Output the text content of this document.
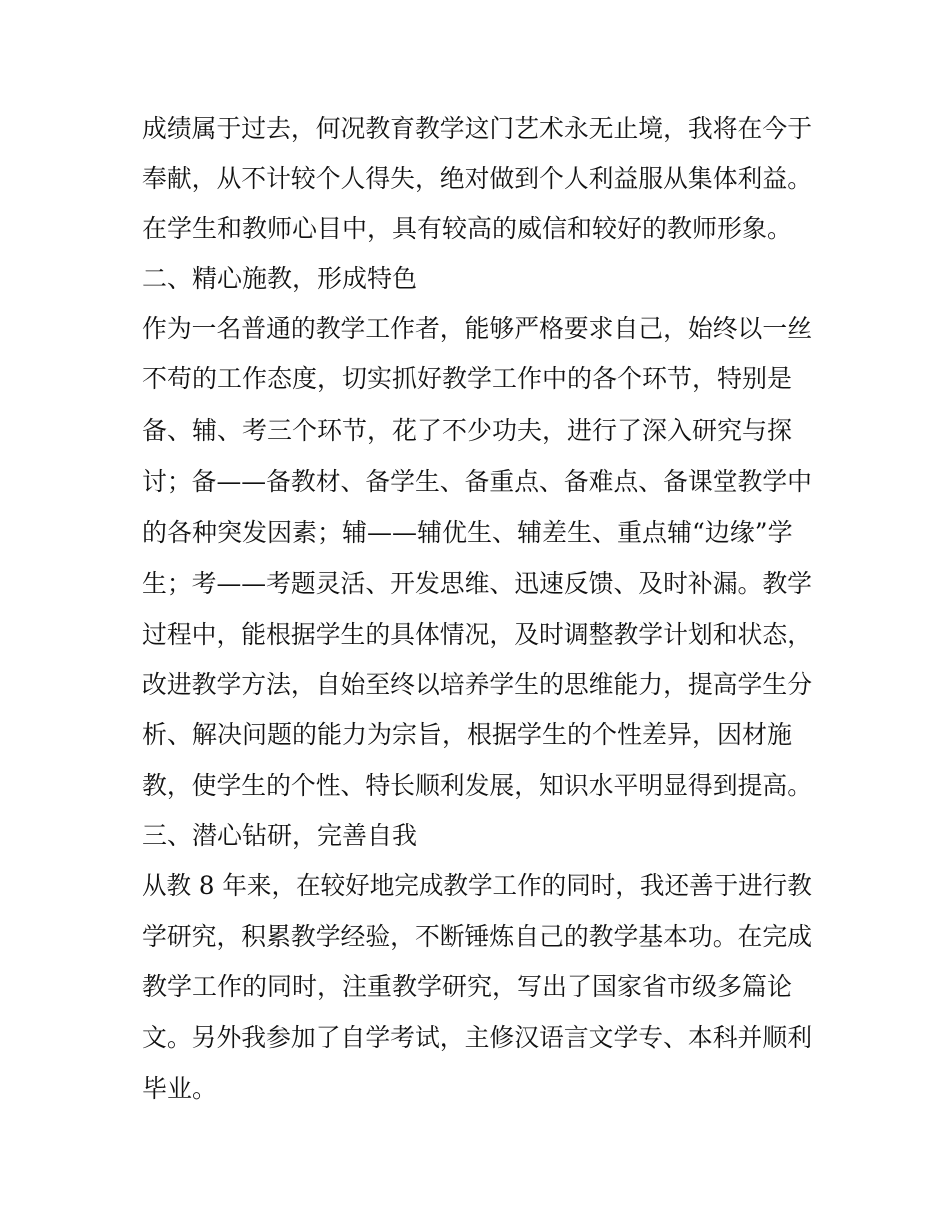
成绩属于过去，何况教育教学这门艺术永无止境，我将在今于
奉献，从不计较个人得失，绝对做到个人利益服从集体利益。
在学生和教师心目中，具有较高的威信和较好的教师形象。
二、精心施教，形成特色
作为一名普通的教学工作者，能够严格要求自己，始终以一丝
不苟的工作态度，切实抓好教学工作中的各个环节，特别是
备、辅、考三个环节，花了不少功夫，进行了深入研究与探
讨；备——备教材、备学生、备重点、备难点、备课堂教学中
的各种突发因素；辅——辅优生、辅差生、重点辅“边缘”学
生；考——考题灵活、开发思维、迅速反馈、及时补漏。教学
过程中，能根据学生的具体情况，及时调整教学计划和状态，
改进教学方法，自始至终以培养学生的思维能力，提高学生分
析、解决问题的能力为宗旨，根据学生的个性差异，因材施
教，使学生的个性、特长顺利发展，知识水平明显得到提高。
三、潜心钻研，完善自我
从教 8 年来，在较好地完成教学工作的同时，我还善于进行教
学研究，积累教学经验，不断锤炼自己的教学基本功。在完成
教学工作的同时，注重教学研究，写出了国家省市级多篇论
文。另外我参加了自学考试，主修汉语言文学专、本科并顺利
毕业。
